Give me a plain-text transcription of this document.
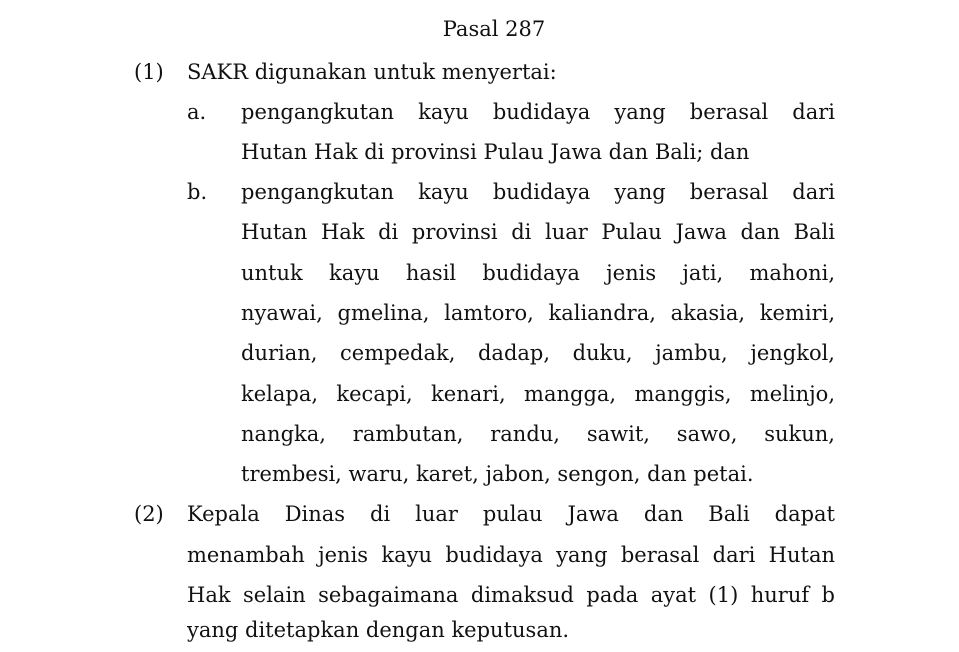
Pasal 287
(1) SAKR digunakan untuk menyertai:
a. pengangkutan kayu budidaya yang berasal dari
Hutan Hak di provinsi Pulau Jawa dan Bali; dan
b. pengangkutan kayu budidaya yang berasal dari
Hutan Hak di provinsi di luar Pulau Jawa dan Bali
untuk kayu hasil budidaya jenis jati, mahoni,
nyawai, gmelina, lamtoro, kaliandra, akasia, kemiri,
durian, cempedak, dadap, duku, jambu, jengkol,
kelapa, kecapi, kenari, mangga, manggis, melinjo,
nangka, rambutan, randu, sawit, sawo, sukun,
trembesi, waru, karet, jabon, sengon, dan petai.
(2) Kepala Dinas di luar pulau Jawa dan Bali dapat
menambah jenis kayu budidaya yang berasal dari Hutan
Hak selain sebagaimana dimaksud pada ayat (1) huruf b
yang ditetapkan dengan keputusan.
